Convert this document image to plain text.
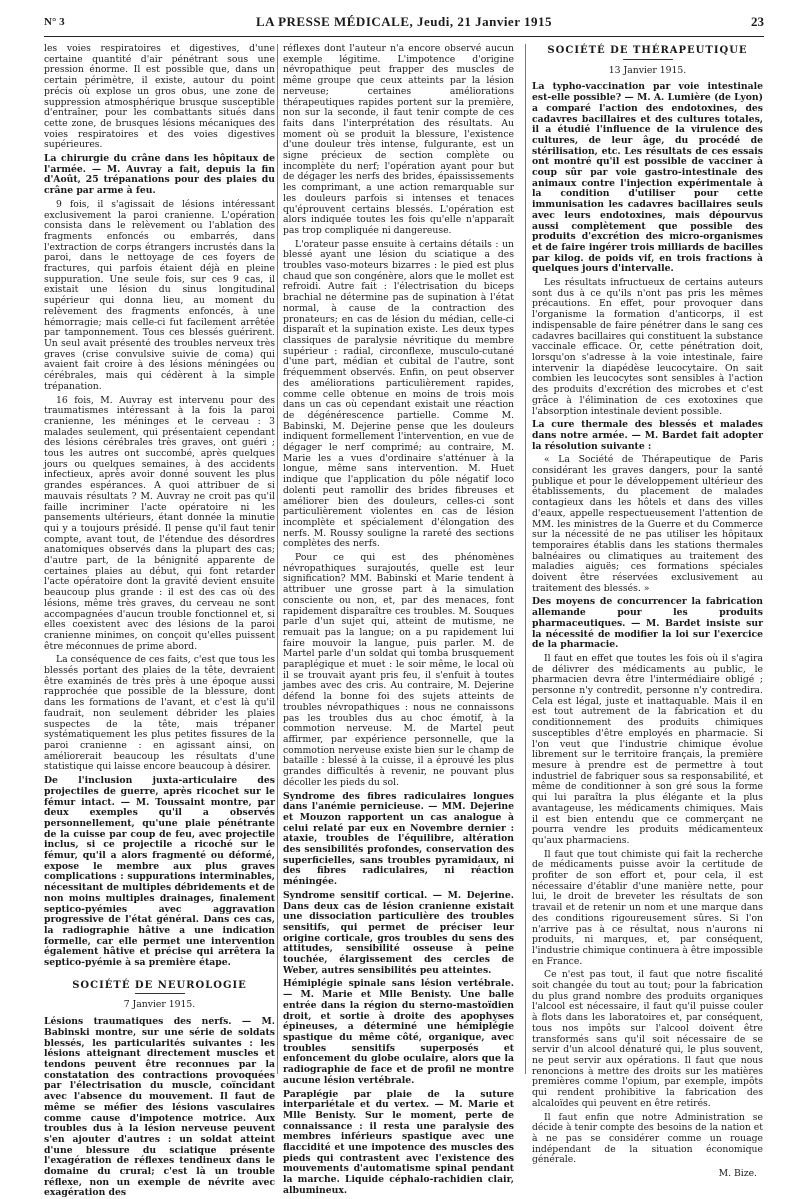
N° 3	LA PRESSE MÉDICALE, Jeudi, 21 Janvier 1915	23

les voies respiratoires et digestives, d'une certaine quantité d'air pénétrant sous une pression énorme. Il est possible que, dans un certain périmètre, il existe, autour du point précis où explose un gros obus, une zone de suppression atmosphérique brusque susceptible d'entraîner, pour les combattants situés dans cette zone, de brusques lésions mécaniques des voies respiratoires et des voies digestives supérieures.

La chirurgie du crâne dans les hôpitaux de l'armée. — M. Auvray a fait, depuis la fin d'Août, 25 trépanations pour des plaies du crâne par arme à feu.

9 fois, il s'agissait de lésions intéressant exclusivement la paroi cranienne. L'opération consista dans le relèvement ou l'ablation des fragments enfoncés ou embarrés, dans l'extraction de corps étrangers incrustés dans la paroi, dans le nettoyage de ces foyers de fractures, qui parfois étaient déjà en pleine suppuration. Une seule fois, sur ces 9 cas, il existait une lésion du sinus longitudinal supérieur qui donna lieu, au moment du relèvement des fragments enfoncés, à une hémorragie; mais celle-ci fut facilement arrêtée par tamponnement. Tous ces blessés guérirent. Un seul avait présenté des troubles nerveux très graves (crise convulsive suivie de coma) qui avaient fait croire à des lésions méningées ou cérébrales, mais qui cédèrent à la simple trépanation.

16 fois, M. Auvray est intervenu pour des traumatismes intéressant à la fois la paroi cranienne, les méninges et le cerveau : 3 malades seulement, qui présentaient cependant des lésions cérébrales très graves, ont guéri ; tous les autres ont succombé, après quelques jours ou quelques semaines, à des accidents infectieux, après avoir donné souvent les plus grandes espérances. A quoi attribuer de si mauvais résultats ? M. Auvray ne croit pas qu'il faille incriminer l'acte opératoire ni les pansements ultérieurs, étant donnée la minutie qui y a toujours présidé. Il pense qu'il faut tenir compte, avant tout, de l'étendue des désordres anatomiques observés dans la plupart des cas; d'autre part, de la bénignité apparente de certaines plaies au début, qui font retarder l'acte opératoire dont la gravité devient ensuite beaucoup plus grande : il est des cas où des lésions, même très graves, du cerveau ne sont accompagnées d'aucun trouble fonctionnel et, si elles coexistent avec des lésions de la paroi cranienne minimes, on conçoit qu'elles puissent être méconnues de prime abord.

La conséquence de ces faits, c'est que tous les blessés portant des plaies de la tête, devraient être examinés de très près à une époque aussi rapprochée que possible de la blessure, dont dans les formations de l'avant, et c'est là qu'il faudrait, non seulement débrider les plaies suspectes de la tête, mais trépaner systématiquement les plus petites fissures de la paroi cranienne : en agissant ainsi, on améliorerait beaucoup les résultats d'une statistique qui laisse encore beaucoup à désirer.

De l'inclusion juxta-articulaire des projectiles de guerre, après ricochet sur le fémur intact. — M. Toussaint montre, par deux exemples qu'il a observés personnellement, qu'une plaie pénétrante de la cuisse par coup de feu, avec projectile inclus, si ce projectile a ricoché sur le fémur, qu'il a alors fragmenté ou déformé, expose le membre aux plus graves complications : suppurations interminables, nécessitant de multiples débridements et de non moins multiples drainages, finalement septico-pyémies avec aggravation progressive de l'état général. Dans ces cas, la radiographie hâtive a une indication formelle, car elle permet une intervention également hâtive et précise qui arrêtera la septico-pyémie à sa première étape.

SOCIÉTÉ DE NEUROLOGIE
7 Janvier 1915.

Lésions traumatiques des nerfs. — M. Babinski montre, sur une série de soldats blessés, les particularités suivantes : les lésions atteignant directement muscles et tendons peuvent être reconnues par la constatation des contractions provoquées par l'électrisation du muscle, coïncidant avec l'absence du mouvement. Il faut de même se méfier des lésions vasculaires comme cause d'impotence motrice. Aux troubles dus à la lésion nerveuse peuvent s'en ajouter d'autres : un soldat atteint d'une blessure du sciatique présente l'exagération de réflexes tendineux dans le domaine du crural; c'est là un trouble réflexe, non un exemple de névrite avec exagération des

réflexes dont l'auteur n'a encore observé aucun exemple légitime. L'impotence d'origine névropathique peut frapper des muscles de même groupe que ceux atteints par la lésion nerveuse; certaines améliorations thérapeutiques rapides portent sur la première, non sur la seconde, il faut tenir compte de ces faits dans l'interprétation des résultats. Au moment où se produit la blessure, l'existence d'une douleur très intense, fulgurante, est un signe précieux de section complète ou incomplète du nerf; l'opération ayant pour but de dégager les nerfs des brides, épaississements les comprimant, a une action remarquable sur les douleurs parfois si intenses et tenaces qu'éprouvent certains blessés. L'opération est alors indiquée toutes les fois qu'elle n'apparaît pas trop compliquée ni dangereuse.

L'orateur passe ensuite à certains détails : un blessé ayant une lésion du sciatique a des troubles vaso-moteurs bizarres : le pied est plus chaud que son congénère, alors que le mollet est refroidi. Autre fait : l'électrisation du biceps brachial ne détermine pas de supination à l'état normal, à cause de la contraction des pronateurs; en cas de lésion du médian, celle-ci disparaît et la supination existe. Les deux types classiques de paralysie névritique du membre supérieur : radial, circonflexe, musculo-cutané d'une part, médian et cubital de l'autre, sont fréquemment observés. Enfin, on peut observer des améliorations particulièrement rapides, comme celle obtenue en moins de trois mois dans un cas où cependant existait une réaction de dégénérescence partielle. Comme M. Babinski, M. Dejerine pense que les douleurs indiquent formellement l'intervention, en vue de dégager le nerf comprimé; au contraire, M. Marie les a vues d'ordinaire s'atténuer à la longue, même sans intervention. M. Huet indique que l'application du pôle négatif loco dolenti peut ramollir des brides fibreuses et améliorer bien des douleurs, celles-ci sont particulièrement violentes en cas de lésion incomplète et spécialement d'élongation des nerfs. M. Roussy souligne la rareté des sections complètes des nerfs.

Pour ce qui est des phénomènes névropathiques surajoutés, quelle est leur signification? MM. Babinski et Marie tendent à attribuer une grosse part à la simulation consciente ou non, et, par des menaces, font rapidement disparaître ces troubles. M. Souques parle d'un sujet qui, atteint de mutisme, ne remuait pas la langue; on a pu rapidement lui faire mouvoir la langue, puis parler. M. de Martel parle d'un soldat qui tomba brusquement paraplégique et muet : le soir même, le local où il se trouvait ayant pris feu, il s'enfuit à toutes jambes avec des cris. Au contraire, M. Dejerine défend la bonne foi des sujets atteints de troubles névropathiques : nous ne connaissons pas les troubles dus au choc émotif, à la commotion nerveuse. M. de Martel peut affirmer, par expérience personnelle, que la commotion nerveuse existe bien sur le champ de bataille : blessé à la cuisse, il a éprouvé les plus grandes difficultés à revenir, ne pouvant plus décoller les pieds du sol.

Syndrome des fibres radiculaires longues dans l'anémie pernicieuse. — MM. Dejerine et Mouzon rapportent un cas analogue à celui relaté par eux en Novembre dernier : ataxie, troubles de l'équilibre, altération des sensibilités profondes, conservation des superficielles, sans troubles pyramidaux, ni des fibres radiculaires, ni réaction méningée.

Syndrome sensitif cortical. — M. Dejerine. Dans deux cas de lésion cranienne existait une dissociation particulière des troubles sensitifs, qui permet de préciser leur origine corticale, gros troubles du sens des attitudes, sensibilité osseuse à peine touchée, élargissement des cercles de Weber, autres sensibilités peu atteintes.

Hémiplégie spinale sans lésion vertébrale. — M. Marie et Mlle Benisty. Une balle entrée dans la région du sterno-mastoïdien droit, et sortie à droite des apophyses épineuses, a déterminé une hémiplégie spastique du même côté, organique, avec troubles sensitifs superposés et enfoncement du globe oculaire, alors que la radiographie de face et de profil ne montre aucune lésion vertébrale.

Paraplégie par plaie de la suture interpariétale et du vertex. — M. Marie et Mlle Benisty. Sur le moment, perte de connaissance : il resta une paralysie des membres inférieurs spastique avec une flaccidité et une impotence des muscles des pieds qui contrastent avec l'existence des mouvements d'automatisme spinal pendant la marche. Liquide céphalo-rachidien clair, albumineux.

SOCIÉTÉ DE THÉRAPEUTIQUE
13 Janvier 1915.

La typho-vaccination par voie intestinale est-elle possible? — M. A. Lumière (de Lyon) a comparé l'action des endotoxines, des cadavres bacillaires et des cultures totales, il a étudié l'influence de la virulence des cultures, de leur âge, du procédé de stérilisation, etc. Les résultats de ces essais ont montré qu'il est possible de vacciner à coup sûr par voie gastro-intestinale des animaux contre l'injection expérimentale à la condition d'utiliser pour cette immunisation les cadavres bacillaires seuls avec leurs endotoxines, mais dépourvus aussi complètement que possible des produits d'excrétion des micro-organismes et de faire ingérer trois milliards de bacilles par kilog. de poids vif, en trois fractions à quelques jours d'intervalle.

Les résultats infructueux de certains auteurs sont dus à ce qu'ils n'ont pas pris les mêmes précautions. En effet, pour provoquer dans l'organisme la formation d'anticorps, il est indispensable de faire pénétrer dans le sang ces cadavres bacillaires qui constituent la substance vaccinale efficace. Or, cette pénétration doit, lorsqu'on s'adresse à la voie intestinale, faire intervenir la diapédèse leucocytaire. On sait combien les leucocytes sont sensibles à l'action des produits d'excrétion des microbes et c'est grâce à l'élimination de ces exotoxines que l'absorption intestinale devient possible.

La cure thermale des blessés et malades dans notre armée. — M. Bardet fait adopter la résolution suivante :

« La Société de Thérapeutique de Paris considérant les graves dangers, pour la santé publique et pour le développement ultérieur des établissements, du placement de malades contagieux dans les hôtels et dans des villes d'eaux, appelle respectueusement l'attention de MM. les ministres de la Guerre et du Commerce sur la nécessité de ne pas utiliser les hôpitaux temporaires établis dans les stations thermales balnéaires ou climatiques au traitement des maladies aiguës; ces formations spéciales doivent être réservées exclusivement au traitement des blessés. »

Des moyens de concurrencer la fabrication allemande pour les produits pharmaceutiques. — M. Bardet insiste sur la nécessité de modifier la loi sur l'exercice de la pharmacie.

Il faut en effet que toutes les fois où il s'agira de délivrer des médicaments au public, le pharmacien devra être l'intermédiaire obligé ; personne n'y contredit, personne n'y contredira. Cela est légal, juste et inattaquable. Mais il en est tout autrement de la fabrication et du conditionnement des produits chimiques susceptibles d'être employés en pharmacie. Si l'on veut que l'industrie chimique évolue librement sur le territoire français, la première mesure à prendre est de permettre à tout industriel de fabriquer sous sa responsabilité, et même de conditionner à son gré sous la forme qui lui paraîtra la plus élégante et la plus avantageuse, les médicaments chimiques. Mais il est bien entendu que ce commerçant ne pourra vendre les produits médicamenteux qu'aux pharmaciens.

Il faut que tout chimiste qui fait la recherche de médicaments puisse avoir la certitude de profiter de son effort et, pour cela, il est nécessaire d'établir d'une manière nette, pour lui, le droit de breveter les résultats de son travail et de retenir un nom et une marque dans des conditions rigoureusement sûres. Si l'on n'arrive pas à ce résultat, nous n'aurons ni produits, ni marques, et, par conséquent, l'industrie chimique continuera à être impossible en France.

Ce n'est pas tout, il faut que notre fiscalité soit changée du tout au tout; pour la fabrication du plus grand nombre des produits organiques l'alcool est nécessaire, il faut qu'il puisse couler à flots dans les laboratoires et, par conséquent, tous nos impôts sur l'alcool doivent être transformés sans qu'il soit nécessaire de se servir d'un alcool dénaturé qui, le plus souvent, ne peut servir aux opérations. Il faut que nous renoncions à mettre des droits sur les matières premières comme l'opium, par exemple, impôts qui rendent prohibitive la fabrication des alcaloïdes qui peuvent en être retirés.

Il faut enfin que notre Administration se décide à tenir compte des besoins de la nation et à ne pas se considérer comme un rouage indépendant de la situation économique générale.

M. Bize.
